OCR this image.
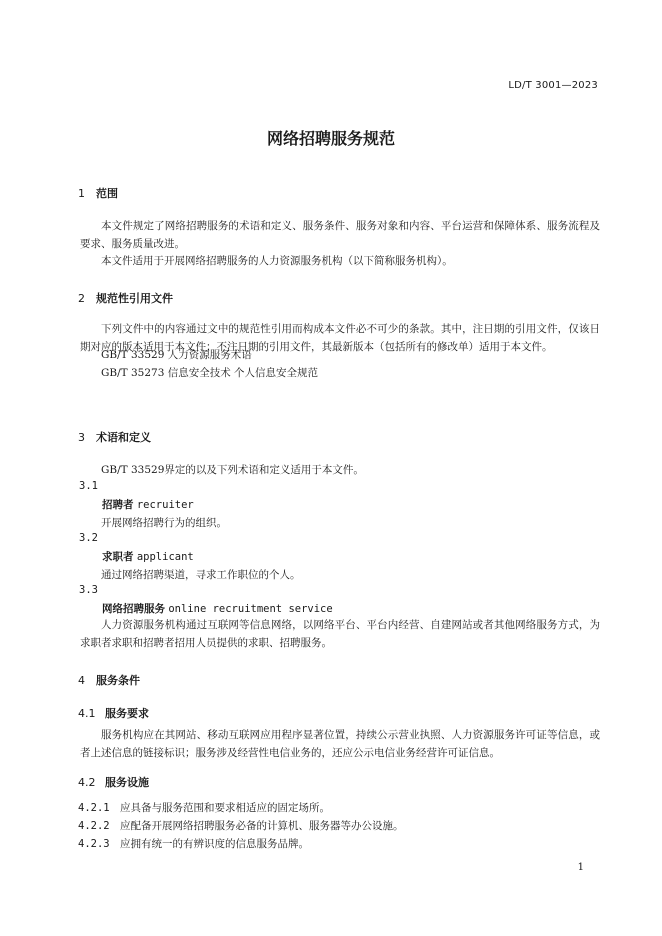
LD/T 3001—2023
网络招聘服务规范
1 范围
本文件规定了网络招聘服务的术语和定义、服务条件、服务对象和内容、平台运营和保障体系、服务流程及要求、服务质量改进。
本文件适用于开展网络招聘服务的人力资源服务机构（以下简称服务机构）。
2 规范性引用文件
下列文件中的内容通过文中的规范性引用而构成本文件必不可少的条款。其中，注日期的引用文件，仅该日期对应的版本适用于本文件；不注日期的引用文件，其最新版本（包括所有的修改单）适用于本文件。
GB/T 33529 人力资源服务术语
GB/T 35273 信息安全技术 个人信息安全规范
3 术语和定义
GB/T 33529界定的以及下列术语和定义适用于本文件。
3.1
招聘者 recruiter
开展网络招聘行为的组织。
3.2
求职者 applicant
通过网络招聘渠道，寻求工作职位的个人。
3.3
网络招聘服务 online recruitment service
人力资源服务机构通过互联网等信息网络，以网络平台、平台内经营、自建网站或者其他网络服务方式，为求职者求职和招聘者招用人员提供的求职、招聘服务。
4 服务条件
4.1 服务要求
服务机构应在其网站、移动互联网应用程序显著位置，持续公示营业执照、人力资源服务许可证等信息，或者上述信息的链接标识；服务涉及经营性电信业务的，还应公示电信业务经营许可证信息。
4.2 服务设施
4.2.1 应具备与服务范围和要求相适应的固定场所。
4.2.2 应配备开展网络招聘服务必备的计算机、服务器等办公设施。
4.2.3 应拥有统一的有辨识度的信息服务品牌。
1
